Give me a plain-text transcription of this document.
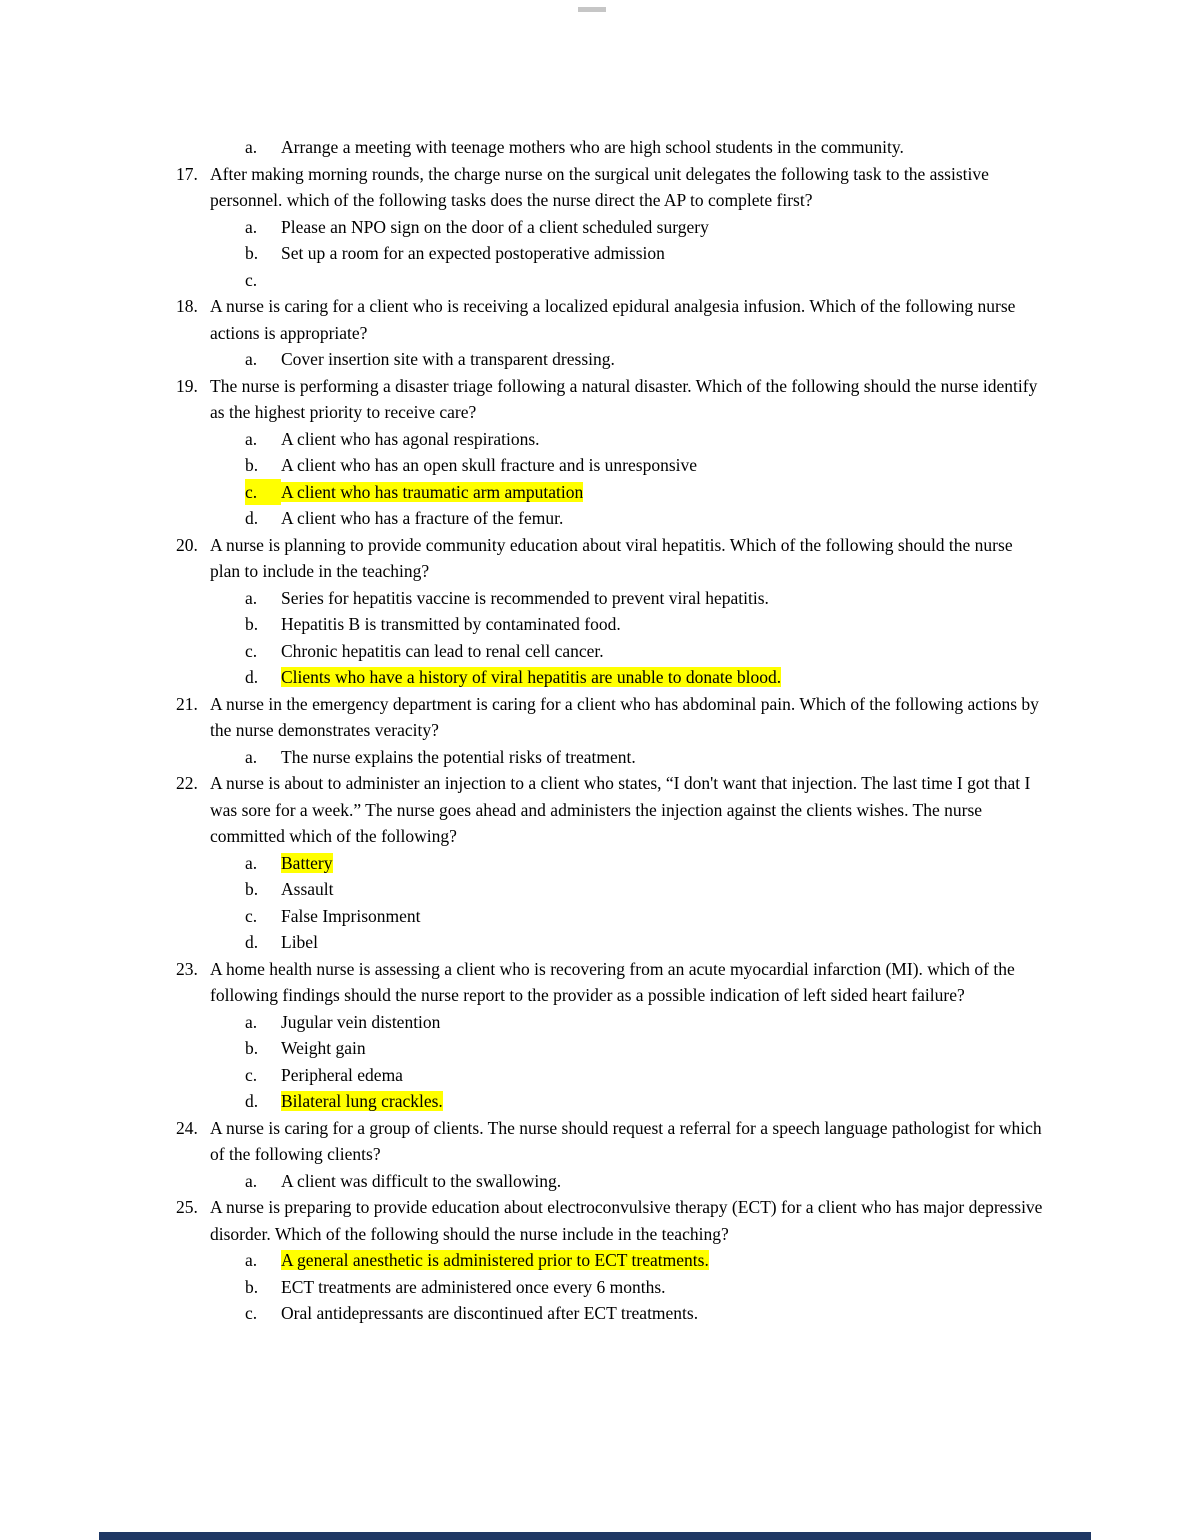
a.	Arrange a meeting with teenage mothers who are high school students in the community.
17. After making morning rounds, the charge nurse on the surgical unit delegates the following task to the assistive personnel. which of the following tasks does the nurse direct the AP to complete first?
a.	Please an NPO sign on the door of a client scheduled surgery
b.	Set up a room for an expected postoperative admission
c.
18. A nurse is caring for a client who is receiving a localized epidural analgesia infusion. Which of the following nurse actions is appropriate?
a.	Cover insertion site with a transparent dressing.
19. The nurse is performing a disaster triage following a natural disaster. Which of the following should the nurse identify as the highest priority to receive care?
a.	A client who has agonal respirations.
b.	A client who has an open skull fracture and is unresponsive
c.	A client who has traumatic arm amputation
d.	A client who has a fracture of the femur.
20. A nurse is planning to provide community education about viral hepatitis. Which of the following should the nurse plan to include in the teaching?
a.	Series for hepatitis vaccine is recommended to prevent viral hepatitis.
b.	Hepatitis B is transmitted by contaminated food.
c.	Chronic hepatitis can lead to renal cell cancer.
d.	Clients who have a history of viral hepatitis are unable to donate blood.
21. A nurse in the emergency department is caring for a client who has abdominal pain. Which of the following actions by the nurse demonstrates veracity?
a.	The nurse explains the potential risks of treatment.
22. A nurse is about to administer an injection to a client who states, “I don't want that injection. The last time I got that I was sore for a week.” The nurse goes ahead and administers the injection against the clients wishes. The nurse committed which of the following?
a.	Battery
b.	Assault
c.	False Imprisonment
d.	Libel
23. A home health nurse is assessing a client who is recovering from an acute myocardial infarction (MI). which of the following findings should the nurse report to the provider as a possible indication of left sided heart failure?
a.	Jugular vein distention
b.	Weight gain
c.	Peripheral edema
d.	Bilateral lung crackles.
24. A nurse is caring for a group of clients. The nurse should request a referral for a speech language pathologist for which of the following clients?
a.	A client was difficult to the swallowing.
25. A nurse is preparing to provide education about electroconvulsive therapy (ECT) for a client who has major depressive disorder. Which of the following should the nurse include in the teaching?
a.	A general anesthetic is administered prior to ECT treatments.
b.	ECT treatments are administered once every 6 months.
c.	Oral antidepressants are discontinued after ECT treatments.
